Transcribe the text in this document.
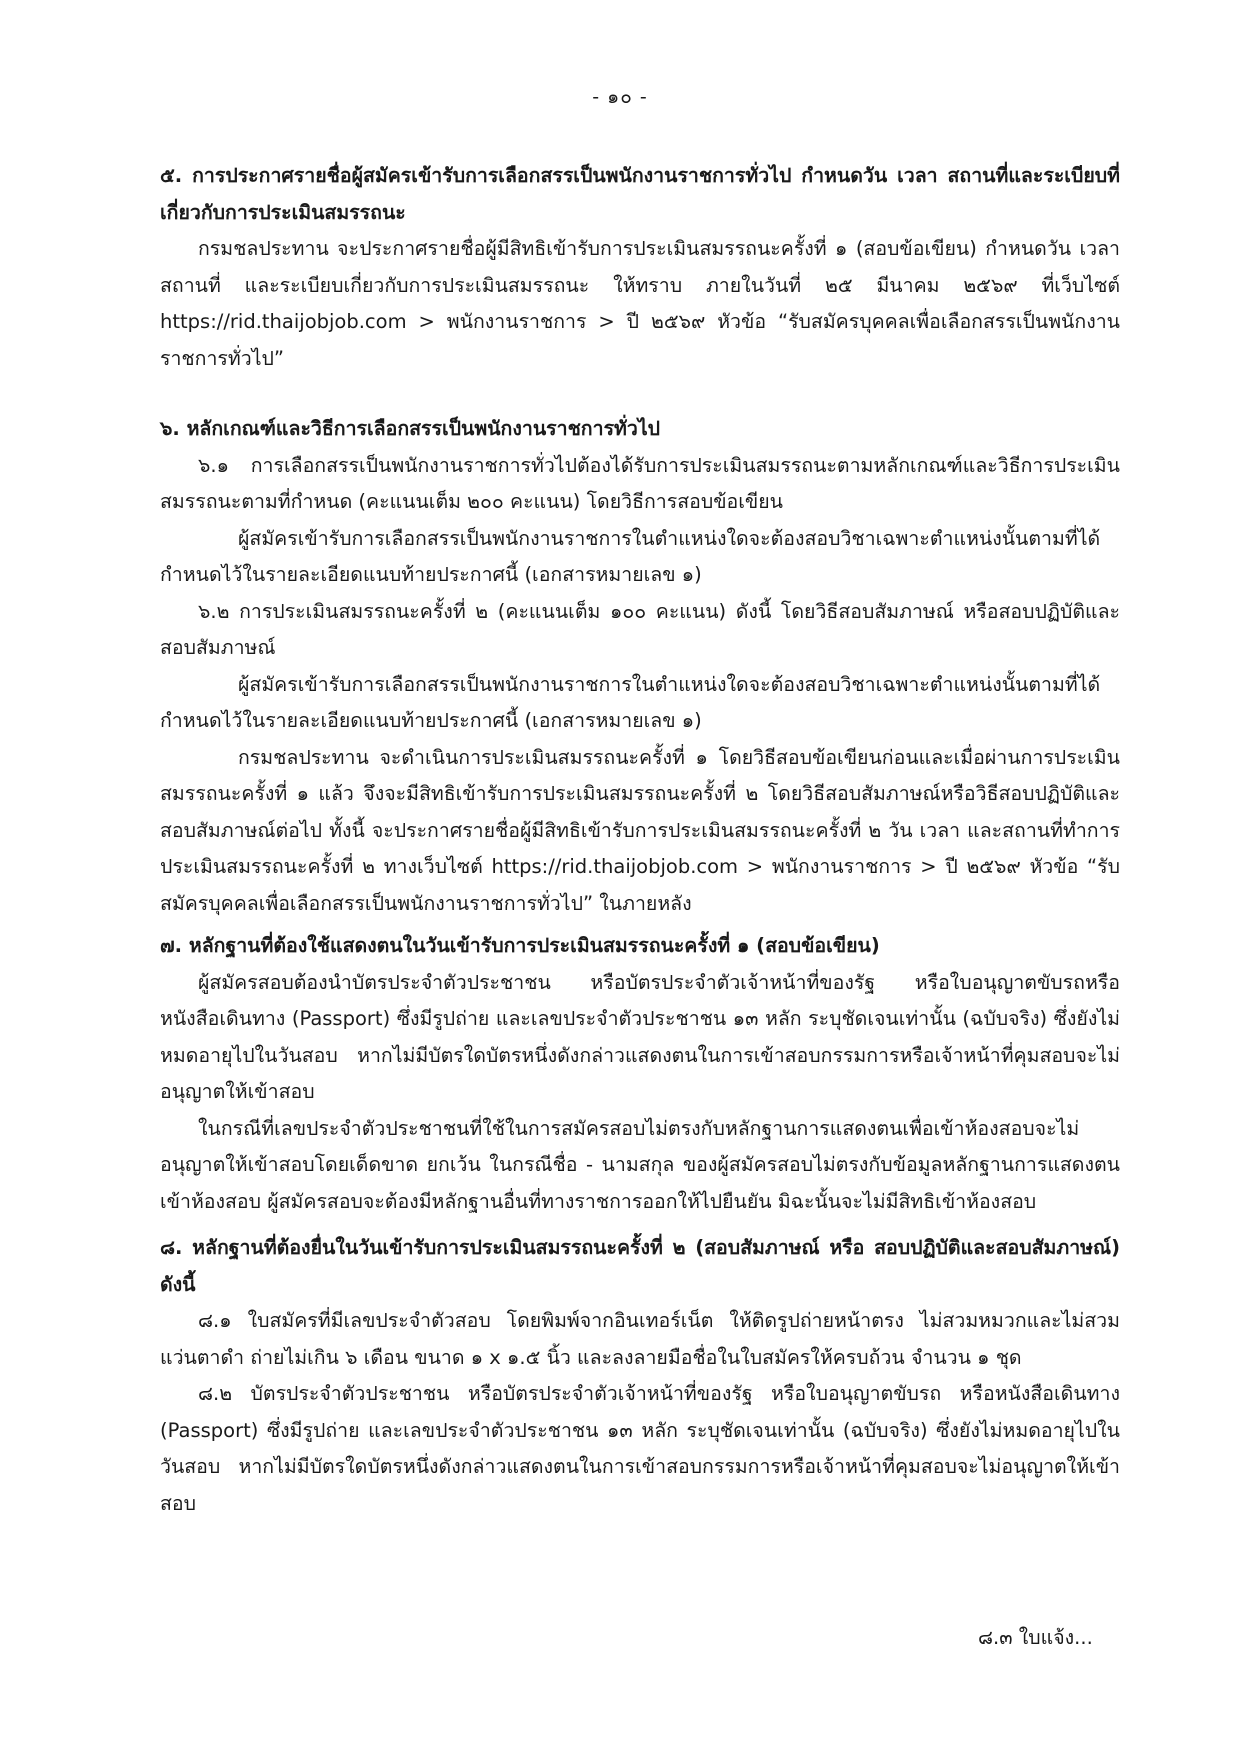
- ๑๐ -

๕. การประกาศรายชื่อผู้สมัครเข้ารับการเลือกสรรเป็นพนักงานราชการทั่วไป กำหนดวัน เวลา สถานที่และระเบียบที่เกี่ยวกับการประเมินสมรรถนะ

กรมชลประทาน จะประกาศรายชื่อผู้มีสิทธิเข้ารับการประเมินสมรรถนะครั้งที่ ๑ (สอบข้อเขียน) กำหนดวัน เวลา สถานที่ และระเบียบเกี่ยวกับการประเมินสมรรถนะ ให้ทราบ ภายในวันที่ ๒๕ มีนาคม ๒๕๖๙ ที่เว็บไซต์ https://rid.thaijobjob.com > พนักงานราชการ > ปี ๒๕๖๙ หัวข้อ “รับสมัครบุคคลเพื่อเลือกสรรเป็นพนักงานราชการทั่วไป”

๖. หลักเกณฑ์และวิธีการเลือกสรรเป็นพนักงานราชการทั่วไป

๖.๑ การเลือกสรรเป็นพนักงานราชการทั่วไปต้องได้รับการประเมินสมรรถนะตามหลักเกณฑ์และวิธีการประเมินสมรรถนะตามที่กำหนด (คะแนนเต็ม ๒๐๐ คะแนน) โดยวิธีการสอบข้อเขียน

ผู้สมัครเข้ารับการเลือกสรรเป็นพนักงานราชการในตำแหน่งใดจะต้องสอบวิชาเฉพาะตำแหน่งนั้นตามที่ได้กำหนดไว้ในรายละเอียดแนบท้ายประกาศนี้ (เอกสารหมายเลข ๑)

๖.๒ การประเมินสมรรถนะครั้งที่ ๒ (คะแนนเต็ม ๑๐๐ คะแนน) ดังนี้ โดยวิธีสอบสัมภาษณ์ หรือสอบปฏิบัติและสอบสัมภาษณ์

ผู้สมัครเข้ารับการเลือกสรรเป็นพนักงานราชการในตำแหน่งใดจะต้องสอบวิชาเฉพาะตำแหน่งนั้นตามที่ได้กำหนดไว้ในรายละเอียดแนบท้ายประกาศนี้ (เอกสารหมายเลข ๑)

กรมชลประทาน จะดำเนินการประเมินสมรรถนะครั้งที่ ๑ โดยวิธีสอบข้อเขียนก่อนและเมื่อผ่านการประเมินสมรรถนะครั้งที่ ๑ แล้ว จึงจะมีสิทธิเข้ารับการประเมินสมรรถนะครั้งที่ ๒ โดยวิธีสอบสัมภาษณ์หรือวิธีสอบปฏิบัติและสอบสัมภาษณ์ต่อไป ทั้งนี้ จะประกาศรายชื่อผู้มีสิทธิเข้ารับการประเมินสมรรถนะครั้งที่ ๒ วัน เวลา และสถานที่ทำการประเมินสมรรถนะครั้งที่ ๒ ทางเว็บไซต์ https://rid.thaijobjob.com > พนักงานราชการ > ปี ๒๕๖๙ หัวข้อ “รับสมัครบุคคลเพื่อเลือกสรรเป็นพนักงานราชการทั่วไป” ในภายหลัง

๗. หลักฐานที่ต้องใช้แสดงตนในวันเข้ารับการประเมินสมรรถนะครั้งที่ ๑ (สอบข้อเขียน)

ผู้สมัครสอบต้องนำบัตรประจำตัวประชาชน หรือบัตรประจำตัวเจ้าหน้าที่ของรัฐ หรือใบอนุญาตขับรถหรือหนังสือเดินทาง (Passport) ซึ่งมีรูปถ่าย และเลขประจำตัวประชาชน ๑๓ หลัก ระบุชัดเจนเท่านั้น (ฉบับจริง) ซึ่งยังไม่หมดอายุไปในวันสอบ หากไม่มีบัตรใดบัตรหนึ่งดังกล่าวแสดงตนในการเข้าสอบกรรมการหรือเจ้าหน้าที่คุมสอบจะไม่อนุญาตให้เข้าสอบ

ในกรณีที่เลขประจำตัวประชาชนที่ใช้ในการสมัครสอบไม่ตรงกับหลักฐานการแสดงตนเพื่อเข้าห้องสอบจะไม่อนุญาตให้เข้าสอบโดยเด็ดขาด ยกเว้น ในกรณีชื่อ - นามสกุล ของผู้สมัครสอบไม่ตรงกับข้อมูลหลักฐานการแสดงตนเข้าห้องสอบ ผู้สมัครสอบจะต้องมีหลักฐานอื่นที่ทางราชการออกให้ไปยืนยัน มิฉะนั้นจะไม่มีสิทธิเข้าห้องสอบ

๘. หลักฐานที่ต้องยื่นในวันเข้ารับการประเมินสมรรถนะครั้งที่ ๒ (สอบสัมภาษณ์ หรือ สอบปฏิบัติและสอบสัมภาษณ์) ดังนี้

๘.๑ ใบสมัครที่มีเลขประจำตัวสอบ โดยพิมพ์จากอินเทอร์เน็ต ให้ติดรูปถ่ายหน้าตรง ไม่สวมหมวกและไม่สวมแว่นตาดำ ถ่ายไม่เกิน ๖ เดือน ขนาด ๑ x ๑.๕ นิ้ว และลงลายมือชื่อในใบสมัครให้ครบถ้วน จำนวน ๑ ชุด

๘.๒ บัตรประจำตัวประชาชน หรือบัตรประจำตัวเจ้าหน้าที่ของรัฐ หรือใบอนุญาตขับรถ หรือหนังสือเดินทาง (Passport) ซึ่งมีรูปถ่าย และเลขประจำตัวประชาชน ๑๓ หลัก ระบุชัดเจนเท่านั้น (ฉบับจริง) ซึ่งยังไม่หมดอายุไปในวันสอบ หากไม่มีบัตรใดบัตรหนึ่งดังกล่าวแสดงตนในการเข้าสอบกรรมการหรือเจ้าหน้าที่คุมสอบจะไม่อนุญาตให้เข้าสอบ

๘.๓ ใบแจ้ง...
